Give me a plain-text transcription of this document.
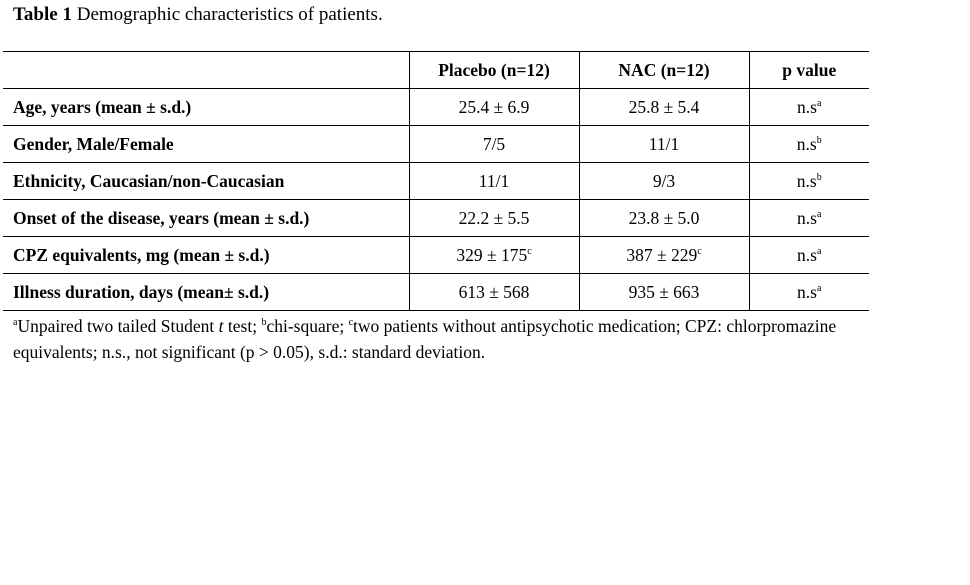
Table 1 Demographic characteristics of patients.
	Placebo (n=12)	NAC (n=12)	p value
Age, years (mean ± s.d.)	25.4 ± 6.9	25.8 ± 5.4	$n.s^a$
Gender, Male/Female	7/5	11/1	$n.s^b$
Ethnicity, Caucasian/non-Caucasian	11/1	9/3	$n.s^b$
Onset of the disease, years (mean ± s.d.)	22.2 ± 5.5	23.8 ± 5.0	$n.s^a$
CPZ equivalents, mg (mean ± s.d.)	$329 \pm 175^c$	$387 \pm 229^c$	$n.s^a$
Illness duration, days (mean± s.d.)	613 ± 568	935 ± 663	$n.s^a$
$^a$Unpaired two tailed Student t test; $^b$chi-square; $^c$two patients without antipsychotic medication; CPZ: chlorpromazine equivalents; n.s., not significant (p > 0.05), s.d.: standard deviation.
